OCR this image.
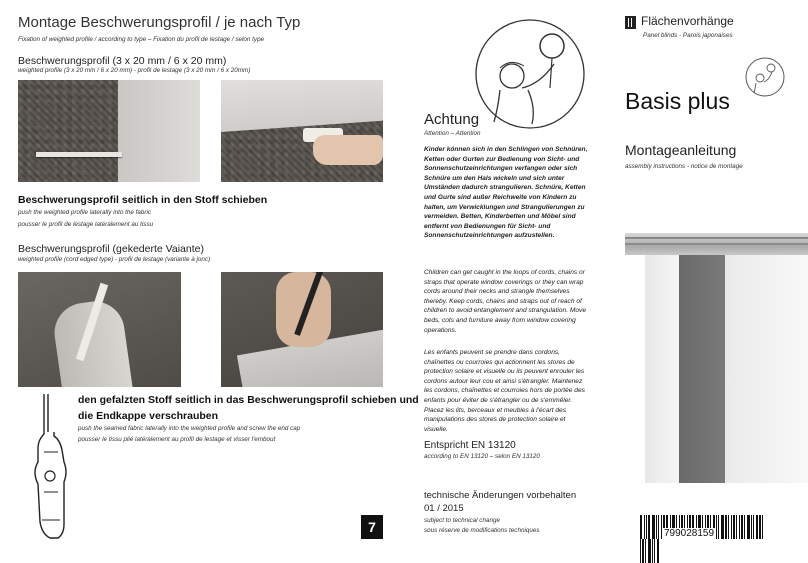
Montage Beschwerungsprofil / je nach Typ
Fixation of weighted profile / according to type – Fixation du profil de lestage / selon type
Beschwerungsprofil (3 x 20 mm / 6 x 20 mm)
weighted profile (3 x 20 mm / 6 x 20 mm) - profil de lestage (3 x 20 mm / 6 x 20mm)
Beschwerungsprofil seitlich in den Stoff schieben
push the weighted profile laterally into the fabric
pousser le profil de lestage latéralement au tissu
Beschwerungsprofil (gekederte Vaiante)
weighted profile (cord edged type) - profil de lestage (variante à jonc)
den gefalzten Stoff seitlich in das Beschwerungsprofil schieben und
die Endkappe verschrauben
push the seamed fabric laterally into the weighted profile and screw the end cap
pousser le tissu plié latéralement au profil de lestage et visser l'embout
7
Achtung
Attention – Attention
Kinder können sich in den Schlingen von Schnüren, Ketten oder Gurten zur Bedienung von Sicht- und Sonnenschutzeinrichtungen verfangen oder sich Schnüre um den Hals wickeln und sich unter Umständen dadurch strangulieren. Schnüre, Ketten und Gurte sind außer Reichweite von Kindern zu halten, um Verwicklungen und Strangulierungen zu vermeiden. Betten, Kinderbetten und Möbel sind entfernt von Bedienungen für Sicht- und Sonnenschutzeinrichtungen aufzustellen.
Children can get caught in the loops of cords, chains or straps that operate window coverings or they can wrap cords around their necks and strangle themselves thereby. Keep cords, chains and straps out of reach of children to avoid entanglement and strangulation. Move beds, cots and furniture away from window covering operations.
Les enfants peuvent se prendre dans cordons, chaînettes ou courroies qui actionnent les stores de protection solaire et visuelle ou ils peuvent enrouler les cordons autour leur cou et ainsi s'étrangler. Maintenez les cordons, chaînettes et courroies hors de portée des enfants pour éviter de s'étrangler ou de s'emmêler. Placez les lits, berceaux et meubles à l'écart des manipulations des stores de protection solaire et visuelle.
Entspricht EN 13120
according to EN 13120 – selon EN 13120
technische Änderungen vorbehalten
01 / 2015
subject to technical change
sous réserve de modifications techniques
Flächenvorhänge
Panel blinds - Parois japonaises
Basis plus
Montageanleitung
assembly instructions - notice de montage
799028159
